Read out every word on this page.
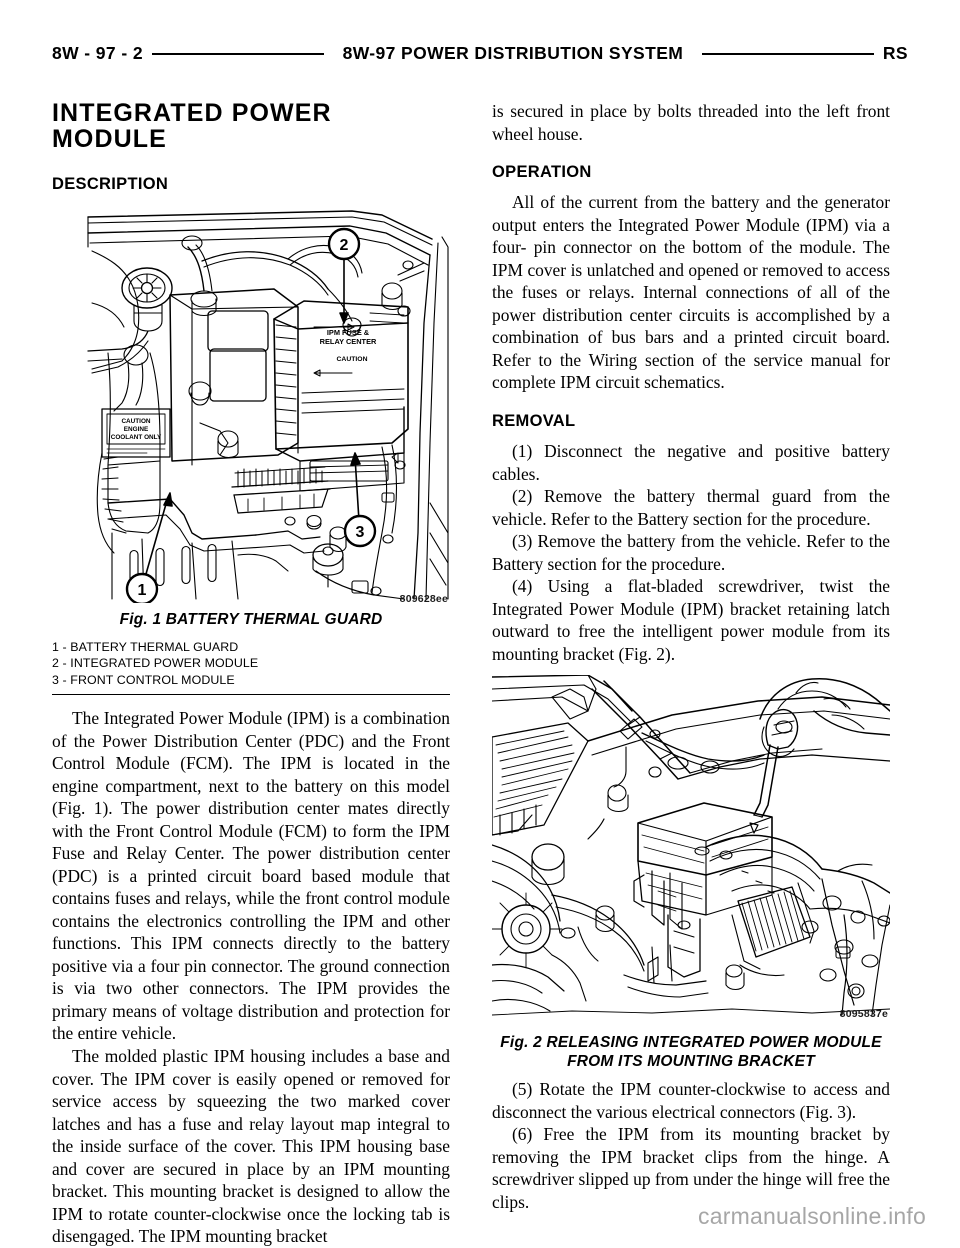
8W - 97 - 2	8W-97 POWER DISTRIBUTION SYSTEM	RS
INTEGRATED POWER MODULE
DESCRIPTION
CAUTION
ENGINE
COOLANT ONLY
IPM FUSE &
RELAY CENTER
CAUTION
2
1
3
809628ee
Fig. 1 BATTERY THERMAL GUARD
1 - BATTERY THERMAL GUARD
2 - INTEGRATED POWER MODULE
3 - FRONT CONTROL MODULE

The Integrated Power Module (IPM) is a combination of the Power Distribution Center (PDC) and the Front Control Module (FCM). The IPM is located in the engine compartment, next to the battery on this model (Fig. 1). The power distribution center mates directly with the Front Control Module (FCM) to form the IPM Fuse and Relay Center. The power distribution center (PDC) is a printed circuit board based module that contains fuses and relays, while the front control module contains the electronics controlling the IPM and other functions. This IPM connects directly to the battery positive via a four pin connector. The ground connection is via two other connectors. The IPM provides the primary means of voltage distribution and protection for the entire vehicle.

The molded plastic IPM housing includes a base and cover. The IPM cover is easily opened or removed for service access by squeezing the two marked cover latches and has a fuse and relay layout map integral to the inside surface of the cover. This IPM housing base and cover are secured in place by an IPM mounting bracket. This mounting bracket is designed to allow the IPM to rotate counter-clockwise once the locking tab is disengaged. The IPM mounting bracket

is secured in place by bolts threaded into the left front wheel house.

OPERATION

All of the current from the battery and the generator output enters the Integrated Power Module (IPM) via a four- pin connector on the bottom of the module. The IPM cover is unlatched and opened or removed to access the fuses or relays. Internal connections of all of the power distribution center circuits is accomplished by a combination of bus bars and a printed circuit board. Refer to the Wiring section of the service manual for complete IPM circuit schematics.

REMOVAL

(1) Disconnect the negative and positive battery cables.

(2) Remove the battery thermal guard from the vehicle. Refer to the Battery section for the procedure.

(3) Remove the battery from the vehicle. Refer to the Battery section for the procedure.

(4) Using a flat-bladed screwdriver, twist the Integrated Power Module (IPM) bracket retaining latch outward to free the intelligent power module from its mounting bracket (Fig. 2).

8095837e
Fig. 2 RELEASING INTEGRATED POWER MODULE
FROM ITS MOUNTING BRACKET

(5) Rotate the IPM counter-clockwise to access and disconnect the various electrical connectors (Fig. 3).

(6) Free the IPM from its mounting bracket by removing the IPM bracket clips from the hinge. A screwdriver slipped up from under the hinge will free the clips.

carmanualsonline.info
